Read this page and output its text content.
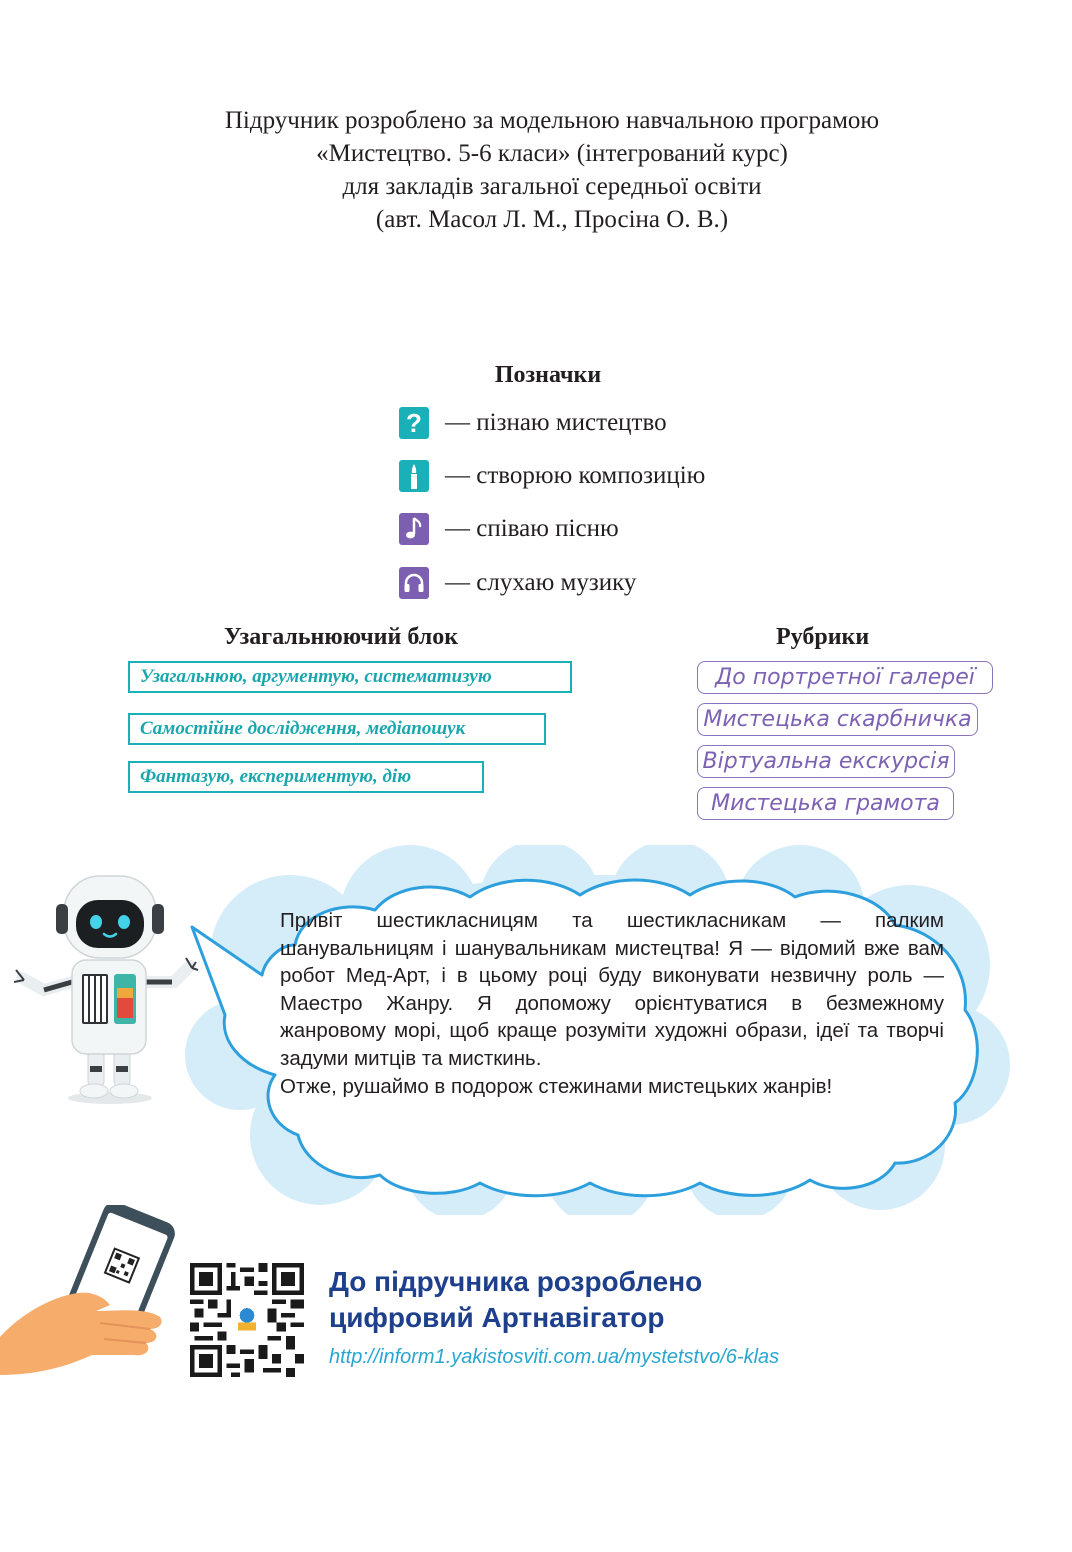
Підручник розроблено за модельною навчальною програмою
«Мистецтво. 5-6 класи» (інтегрований курс)
для закладів загальної середньої освіти
(авт. Масол Л. М., Просіна О. В.)
Позначки
? — пізнаю мистецтво
— створюю композицію
— співаю пісню
— слухаю музику
Узагальнюючий блок
Узагальнюю, аргументую, систематизую
Самостійне дослідження, медіапошук
Фантазую, експериментую, дію
Рубрики
До портретної галереї
Мистецька скарбничка
Віртуальна екскурсія
Мистецька грамота
Привіт шестикласницям та шестикласникам — палким шанувальницям і шанувальникам мистецтва! Я — відомий вже вам робот Мед-Арт, і в цьому році буду виконувати незвичну роль — Маестро Жанру. Я допоможу орієнтуватися в безмежному жанровому морі, щоб краще розуміти художні образи, ідеї та творчі задуми митців та мисткинь.
Отже, рушаймо в подорож стежинами мистецьких жанрів!
До підручника розроблено
цифровий Артнавігатор
http://inform1.yakistosviti.com.ua/mystetstvo/6-klas
